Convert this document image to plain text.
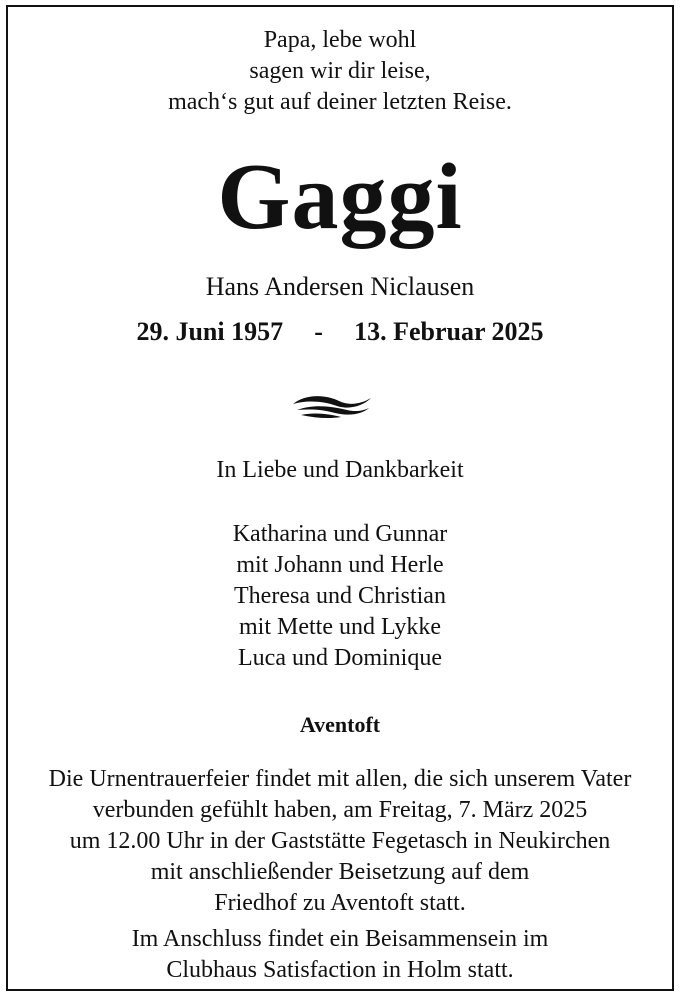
Papa, lebe wohl
sagen wir dir leise,
mach‘s gut auf deiner letzten Reise.
Gaggi
Hans Andersen Niclausen
29. Juni 1957 - 13. Februar 2025
In Liebe und Dankbarkeit
Katharina und Gunnar
mit Johann und Herle
Theresa und Christian
mit Mette und Lykke
Luca und Dominique
Aventoft
Die Urnentrauerfeier findet mit allen, die sich unserem Vater
verbunden gefühlt haben, am Freitag, 7. März 2025
um 12.00 Uhr in der Gaststätte Fegetasch in Neukirchen
mit anschließender Beisetzung auf dem
Friedhof zu Aventoft statt.
Im Anschluss findet ein Beisammensein im
Clubhaus Satisfaction in Holm statt.
